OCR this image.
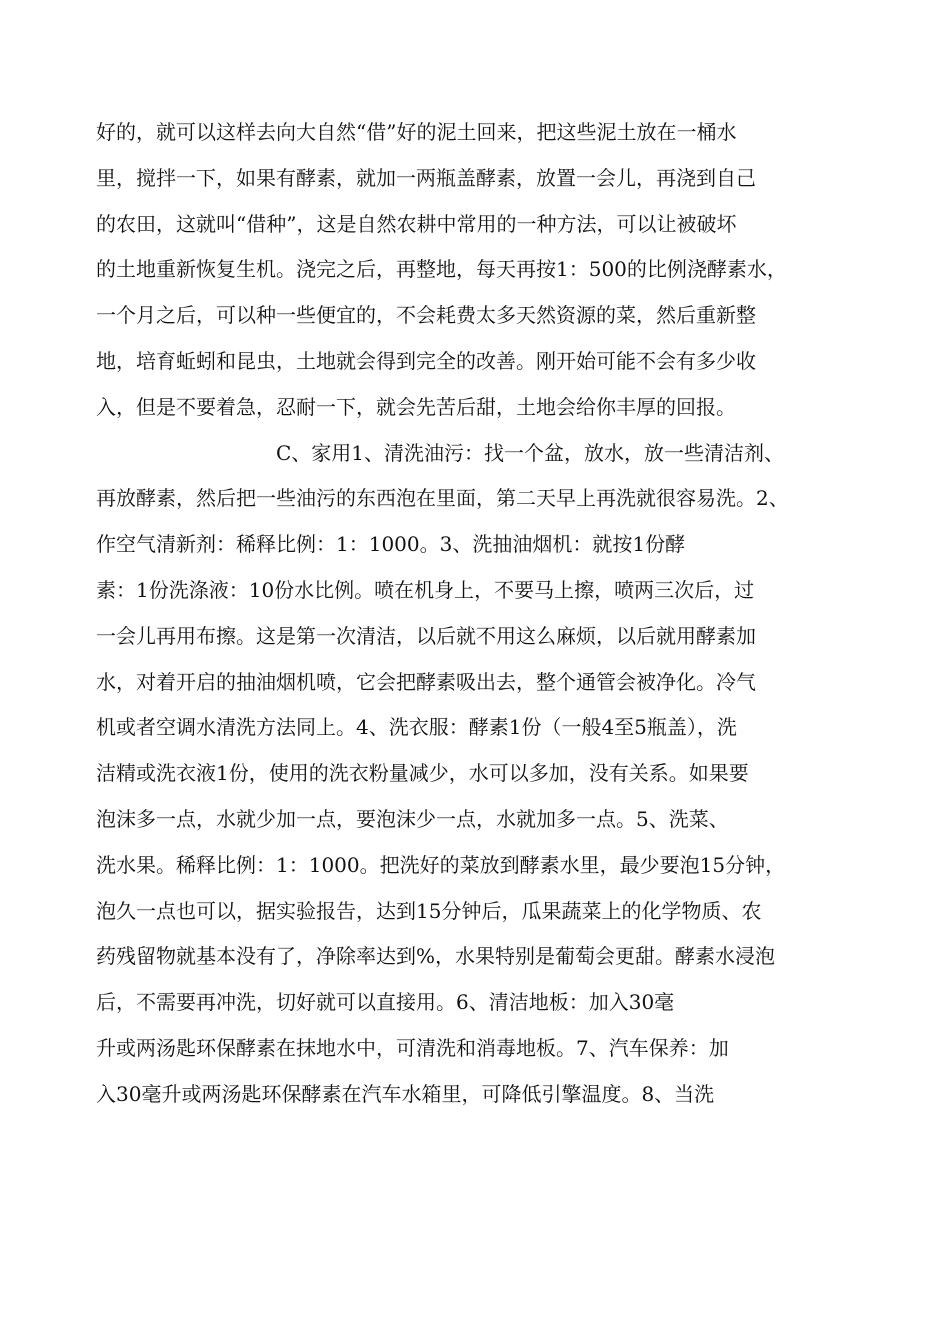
好的，就可以这样去向大自然“借”好的泥土回来，把这些泥土放在一桶水
里，搅拌一下，如果有酵素，就加一两瓶盖酵素，放置一会儿，再浇到自己
的农田，这就叫“借种”，这是自然农耕中常用的一种方法，可以让被破坏
的土地重新恢复生机。浇完之后，再整地，每天再按1：500的比例浇酵素水，
一个月之后，可以种一些便宜的，不会耗费太多天然资源的菜，然后重新整
地，培育蚯蚓和昆虫，土地就会得到完全的改善。刚开始可能不会有多少收
入，但是不要着急，忍耐一下，就会先苦后甜，土地会给你丰厚的回报。
C、家用1、清洗油污：找一个盆，放水，放一些清洁剂、
再放酵素，然后把一些油污的东西泡在里面，第二天早上再洗就很容易洗。2、
作空气清新剂：稀释比例：1：1000。3、洗抽油烟机：就按1份酵
素：1份洗涤液：10份水比例。喷在机身上，不要马上擦，喷两三次后，过
一会儿再用布擦。这是第一次清洁，以后就不用这么麻烦，以后就用酵素加
水，对着开启的抽油烟机喷，它会把酵素吸出去，整个通管会被净化。冷气
机或者空调水清洗方法同上。4、洗衣服：酵素1份（一般4至5瓶盖），洗
洁精或洗衣液1份，使用的洗衣粉量减少，水可以多加，没有关系。如果要
泡沫多一点，水就少加一点，要泡沫少一点，水就加多一点。5、洗菜、
洗水果。稀释比例：1：1000。把洗好的菜放到酵素水里，最少要泡15分钟，
泡久一点也可以，据实验报告，达到15分钟后，瓜果蔬菜上的化学物质、农
药残留物就基本没有了，净除率达到%，水果特别是葡萄会更甜。酵素水浸泡
后，不需要再冲洗，切好就可以直接用。6、清洁地板：加入30毫
升或两汤匙环保酵素在抹地水中，可清洗和消毒地板。7、汽车保养：加
入30毫升或两汤匙环保酵素在汽车水箱里，可降低引擎温度。8、当洗
